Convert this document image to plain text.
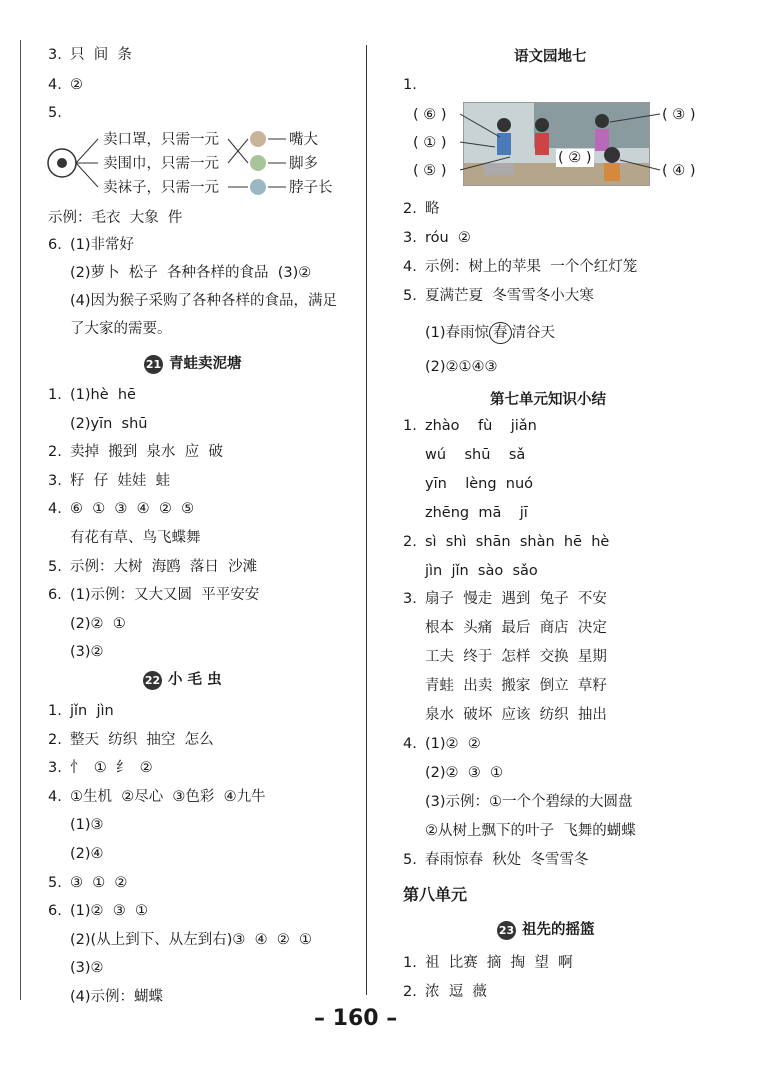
3. 只  间  条
4. ②
5.
卖口罩，只需一元
卖围巾，只需一元
卖袜子，只需一元
嘴大
脚多
脖子长
示例：毛衣  大象  件
6. (1)非常好
(2)萝卜  松子  各种各样的食品  (3)②
(4)因为猴子采购了各种各样的食品，满足
了大家的需要。
21 青蛙卖泥塘
1. (1)hè  hē
(2)yīn  shū
2. 卖掉  搬到  泉水  应  破
3. 籽  仔  娃娃  蛙
4. ⑥  ①  ③  ④  ②  ⑤
有花有草、鸟飞蝶舞
5. 示例：大树  海鸥  落日  沙滩
6. (1)示例：又大又圆  平平安安
(2)②  ①
(3)②
22 小 毛 虫
1. jǐn  jìn
2. 整天  纺织  抽空  怎么
3. 忄  ①  纟  ②
4. ①生机  ②尽心  ③色彩  ④九牛
(1)③
(2)④
5. ③  ①  ②
6. (1)②  ③  ①
(2)(从上到下、从左到右)③  ④  ②  ①
(3)②
(4)示例：蝴蝶
语文园地七
1.
( ⑥ )
( ① )
( ⑤ )
( ③ )
( ④ )
( ② )
2. 略
3. róu  ②
4. 示例：树上的苹果  一个个红灯笼
5. 夏满芒夏  冬雪雪冬小大寒
(1)春雨惊 春 清谷天
(2)②①④③
第七单元知识小结
1. zhào    fù    jiǎn
wú    shū    sǎ
yīn    lèng  nuó
zhēng  mā    jī
2. sì  shì  shān  shàn  hē  hè
jìn  jǐn  sào  sǎo
3. 扇子  慢走  遇到  兔子  不安
根本  头痛  最后  商店  决定
工夫  终于  怎样  交换  星期
青蛙  出卖  搬家  倒立  草籽
泉水  破坏  应该  纺织  抽出
4. (1)②  ②
(2)②  ③  ①
(3)示例：①一个个碧绿的大圆盘
②从树上飘下的叶子  飞舞的蝴蝶
5. 春雨惊春  秋处  冬雪雪冬
第八单元
23 祖先的摇篮
1. 祖  比赛  摘  掏  望  啊
2. 浓  逗  薇
– 160 –
